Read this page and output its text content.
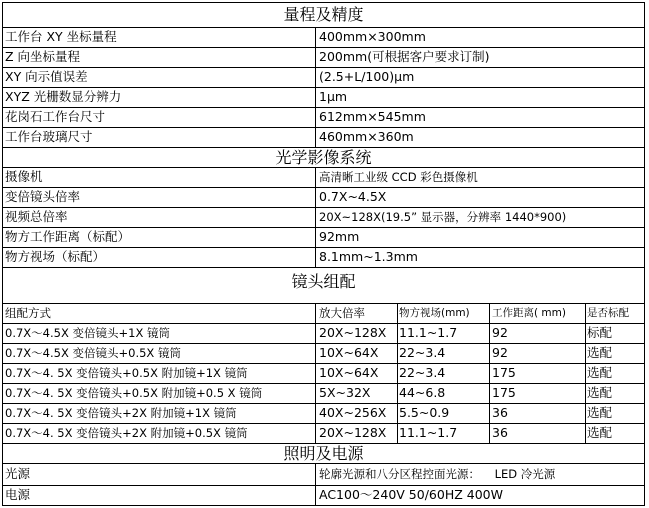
量程及精度
工作台 XY 坐标量程	400mm×300mm
Z 向坐标量程	200mm(可根据客户要求订制)
XY 向示值误差	(2.5+L/100)μm
XYZ 光栅数显分辨力	1μm
花岗石工作台尺寸	612mm×545mm
工作台玻璃尺寸	460mm×360m
光学影像系统
摄像机	高清晰工业级 CCD 彩色摄像机
变倍镜头倍率	0.7X~4.5X
视频总倍率	20X~128X(19.5” 显示器，分辨率 1440*900)
物方工作距离（标配）	92mm
物方视场（标配）	8.1mm~1.3mm
镜头组配
组配方式	放大倍率	物方视场(mm)	工作距离( mm)	是否标配
0.7X～4.5X 变倍镜头+1X 镜筒	20X~128X	11.1~1.7	92	标配
0.7X～4.5X 变倍镜头+0.5X 镜筒	10X~64X	22~3.4	92	选配
0.7X～4. 5X 变倍镜头+0.5X 附加镜+1X 镜筒	10X~64X	22~3.4	175	选配
0.7X～4. 5X 变倍镜头+0.5X 附加镜+0.5 X 镜筒	5X~32X	44~6.8	175	选配
0.7X～4. 5X 变倍镜头+2X 附加镜+1X 镜筒	40X~256X	5.5~0.9	36	选配
0.7X～4. 5X 变倍镜头+2X 附加镜+0.5X 镜筒	20X~128X	11.1~1.7	36	选配
照明及电源
光源	轮廓光源和八分区程控面光源：    LED 冷光源
电源	AC100～240V 50/60HZ 400W
